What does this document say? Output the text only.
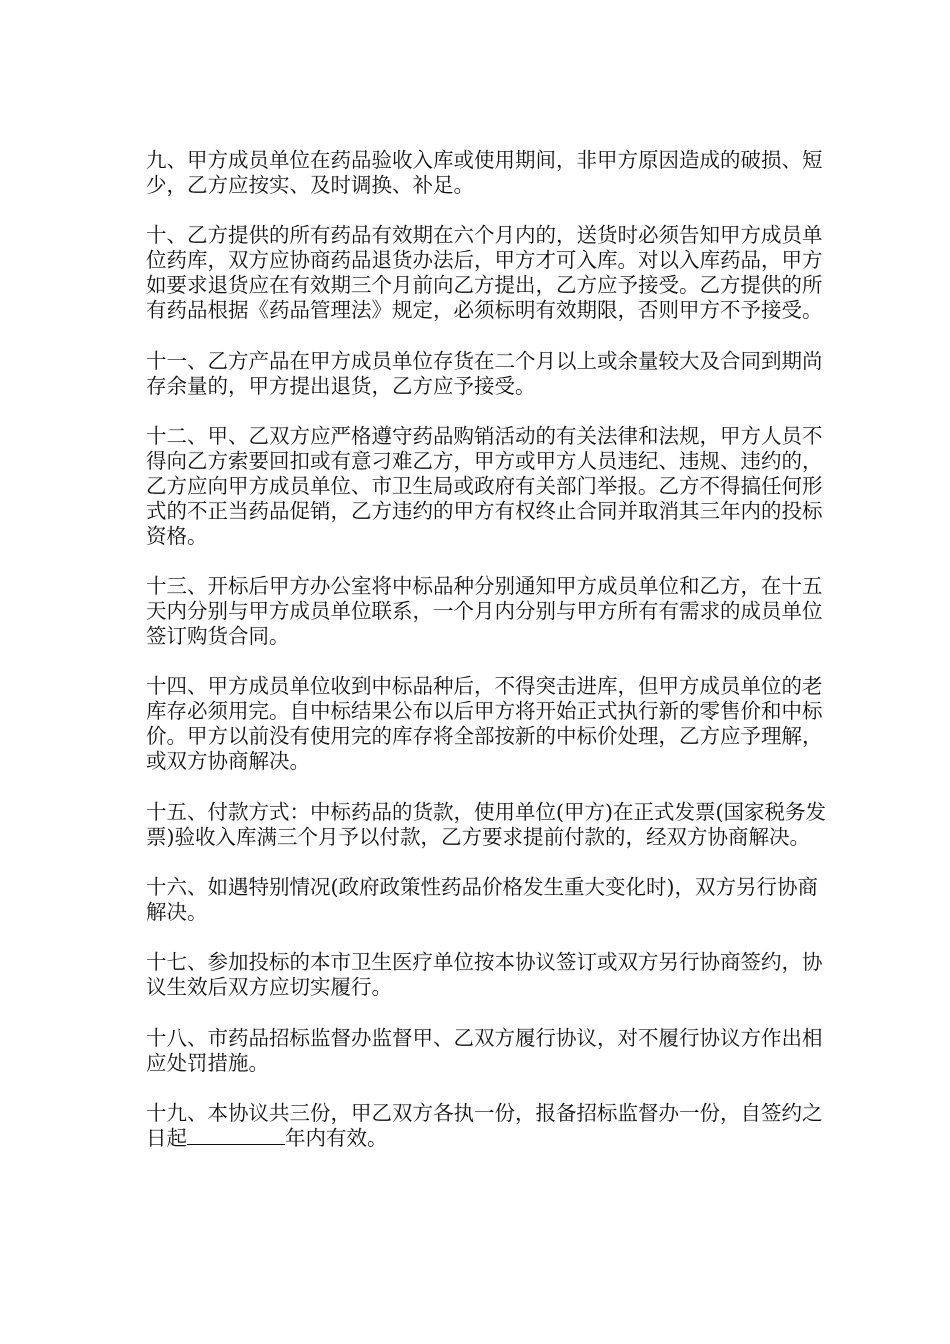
九、甲方成员单位在药品验收入库或使用期间，非甲方原因造成的破损、短少，乙方应按实、及时调换、补足。

十、乙方提供的所有药品有效期在六个月内的，送货时必须告知甲方成员单位药库，双方应协商药品退货办法后，甲方才可入库。对以入库药品，甲方如要求退货应在有效期三个月前向乙方提出，乙方应予接受。乙方提供的所有药品根据《药品管理法》规定，必须标明有效期限，否则甲方不予接受。

十一、乙方产品在甲方成员单位存货在二个月以上或余量较大及合同到期尚存余量的，甲方提出退货，乙方应予接受。

十二、甲、乙双方应严格遵守药品购销活动的有关法律和法规，甲方人员不得向乙方索要回扣或有意刁难乙方，甲方或甲方人员违纪、违规、违约的，乙方应向甲方成员单位、市卫生局或政府有关部门举报。乙方不得搞任何形式的不正当药品促销，乙方违约的甲方有权终止合同并取消其三年内的投标资格。

十三、开标后甲方办公室将中标品种分别通知甲方成员单位和乙方，在十五天内分别与甲方成员单位联系，一个月内分别与甲方所有有需求的成员单位签订购货合同。

十四、甲方成员单位收到中标品种后，不得突击进库，但甲方成员单位的老库存必须用完。自中标结果公布以后甲方将开始正式执行新的零售价和中标价。甲方以前没有使用完的库存将全部按新的中标价处理，乙方应予理解，或双方协商解决。

十五、付款方式：中标药品的货款，使用单位(甲方)在正式发票(国家税务发票)验收入库满三个月予以付款，乙方要求提前付款的，经双方协商解决。

十六、如遇特别情况(政府政策性药品价格发生重大变化时)，双方另行协商解决。

十七、参加投标的本市卫生医疗单位按本协议签订或双方另行协商签约，协议生效后双方应切实履行。

十八、市药品招标监督办监督甲、乙双方履行协议，对不履行协议方作出相应处罚措施。

十九、本协议共三份，甲乙双方各执一份，报备招标监督办一份，自签约之日起	年内有效。
